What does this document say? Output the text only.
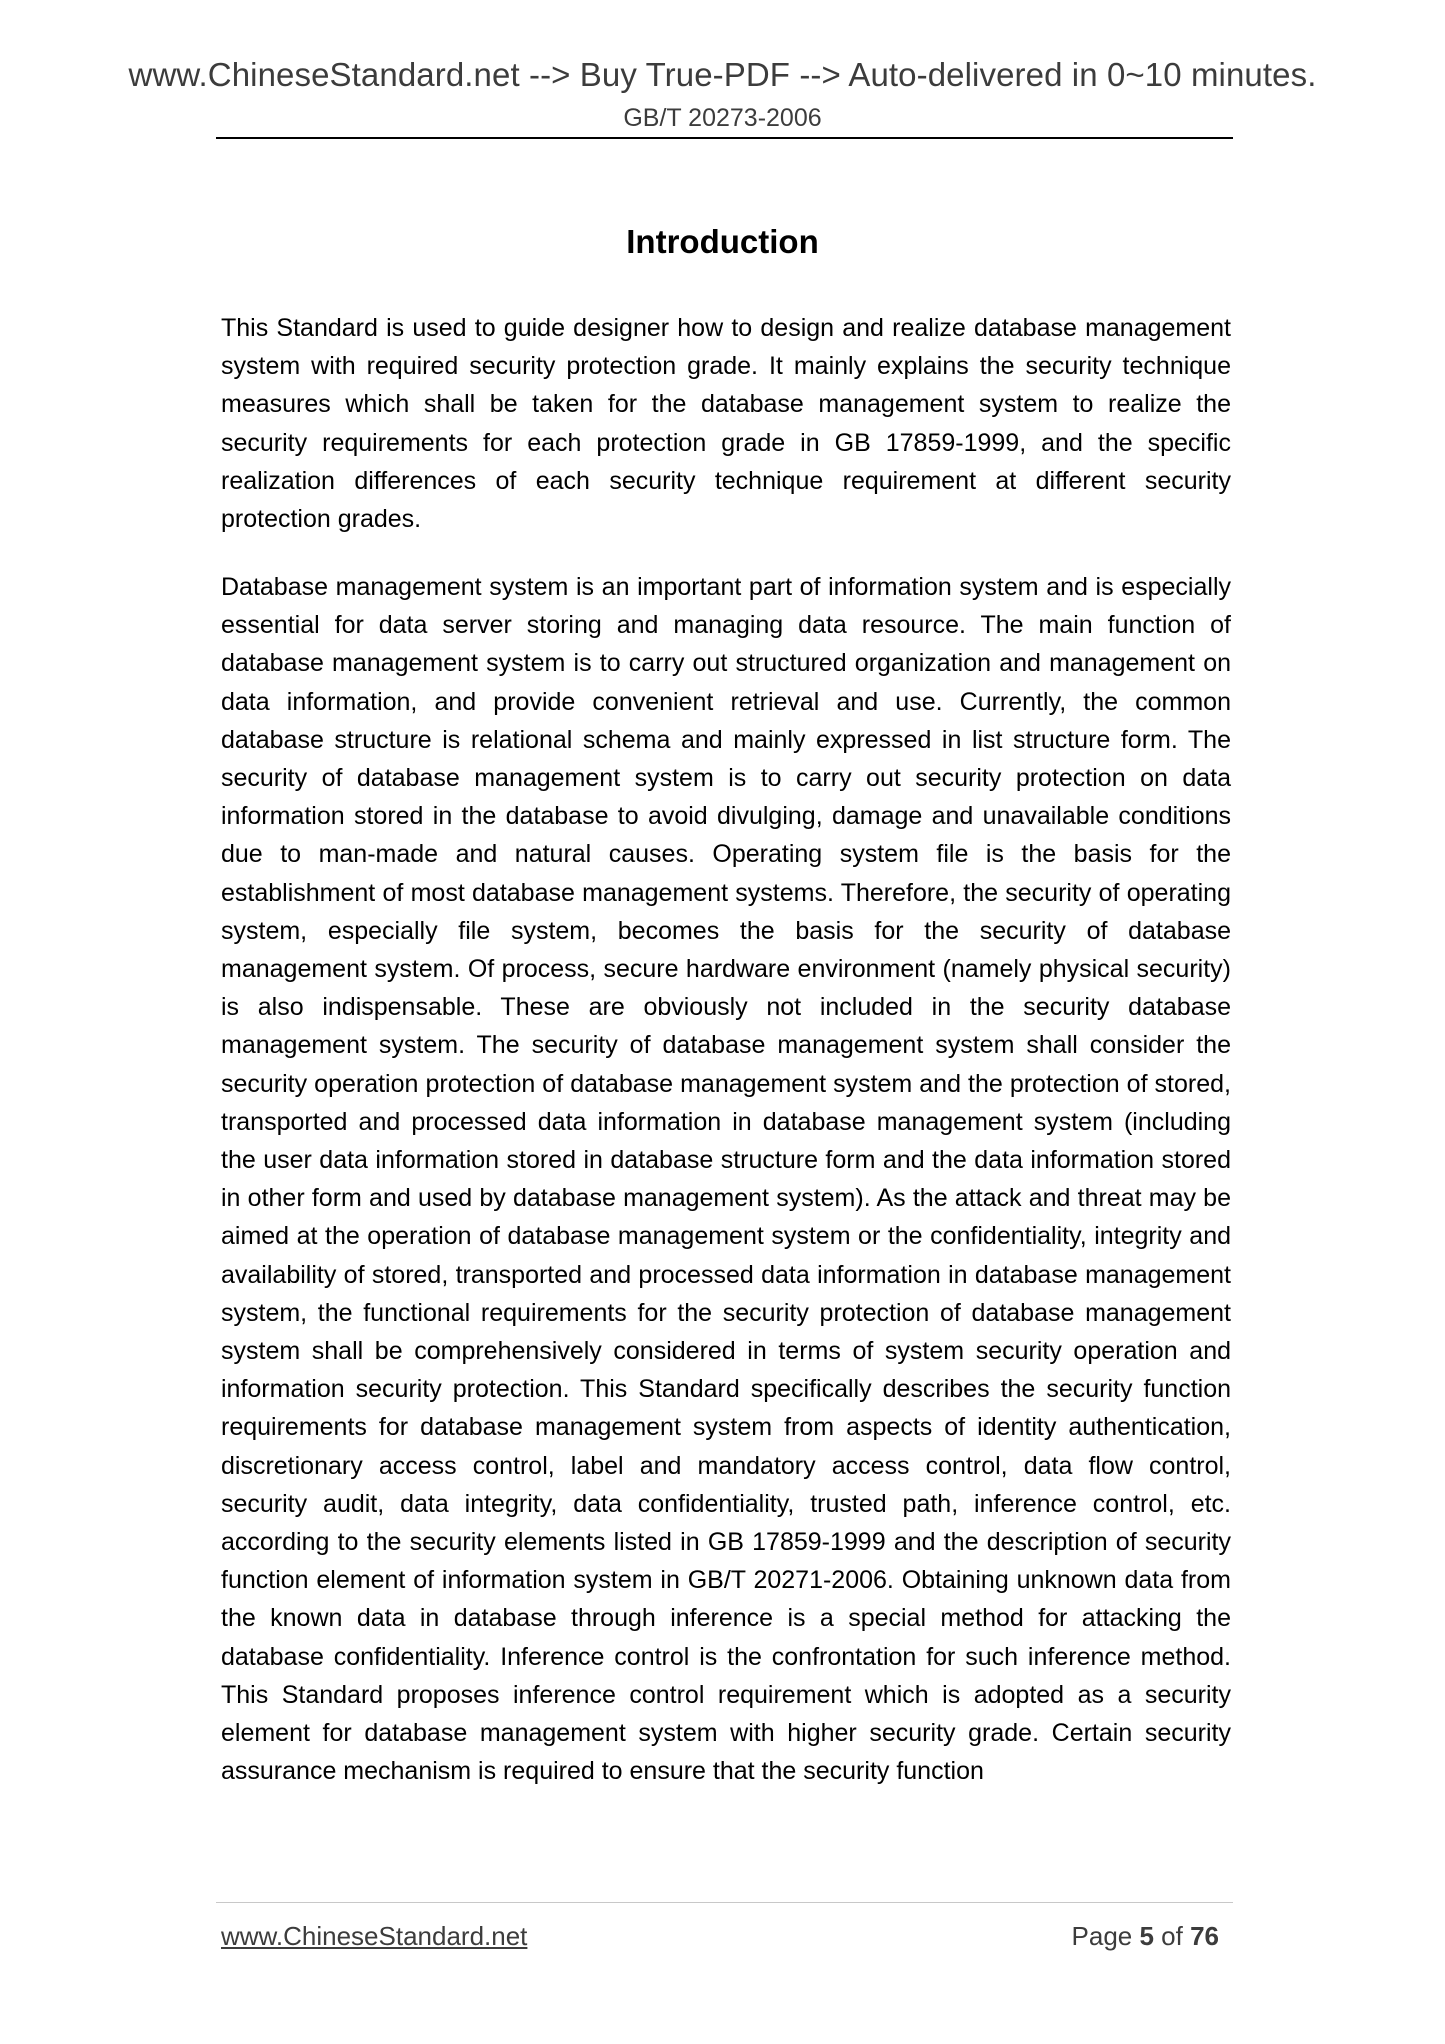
www.ChineseStandard.net --> Buy True-PDF --> Auto-delivered in 0~10 minutes.
GB/T 20273-2006
Introduction

This Standard is used to guide designer how to design and realize database management system with required security protection grade. It mainly explains the security technique measures which shall be taken for the database management system to realize the security requirements for each protection grade in GB 17859-1999, and the specific realization differences of each security technique requirement at different security protection grades.

Database management system is an important part of information system and is especially essential for data server storing and managing data resource. The main function of database management system is to carry out structured organization and management on data information, and provide convenient retrieval and use. Currently, the common database structure is relational schema and mainly expressed in list structure form. The security of database management system is to carry out security protection on data information stored in the database to avoid divulging, damage and unavailable conditions due to man-made and natural causes. Operating system file is the basis for the establishment of most database management systems. Therefore, the security of operating system, especially file system, becomes the basis for the security of database management system. Of process, secure hardware environment (namely physical security) is also indispensable. These are obviously not included in the security database management system. The security of database management system shall consider the security operation protection of database management system and the protection of stored, transported and processed data information in database management system (including the user data information stored in database structure form and the data information stored in other form and used by database management system). As the attack and threat may be aimed at the operation of database management system or the confidentiality, integrity and availability of stored, transported and processed data information in database management system, the functional requirements for the security protection of database management system shall be comprehensively considered in terms of system security operation and information security protection. This Standard specifically describes the security function requirements for database management system from aspects of identity authentication, discretionary access control, label and mandatory access control, data flow control, security audit, data integrity, data confidentiality, trusted path, inference control, etc. according to the security elements listed in GB 17859-1999 and the description of security function element of information system in GB/T 20271-2006. Obtaining unknown data from the known data in database through inference is a special method for attacking the database confidentiality. Inference control is the confrontation for such inference method. This Standard proposes inference control requirement which is adopted as a security element for database management system with higher security grade. Certain security assurance mechanism is required to ensure that the security function

www.ChineseStandard.net	Page 5 of 76
